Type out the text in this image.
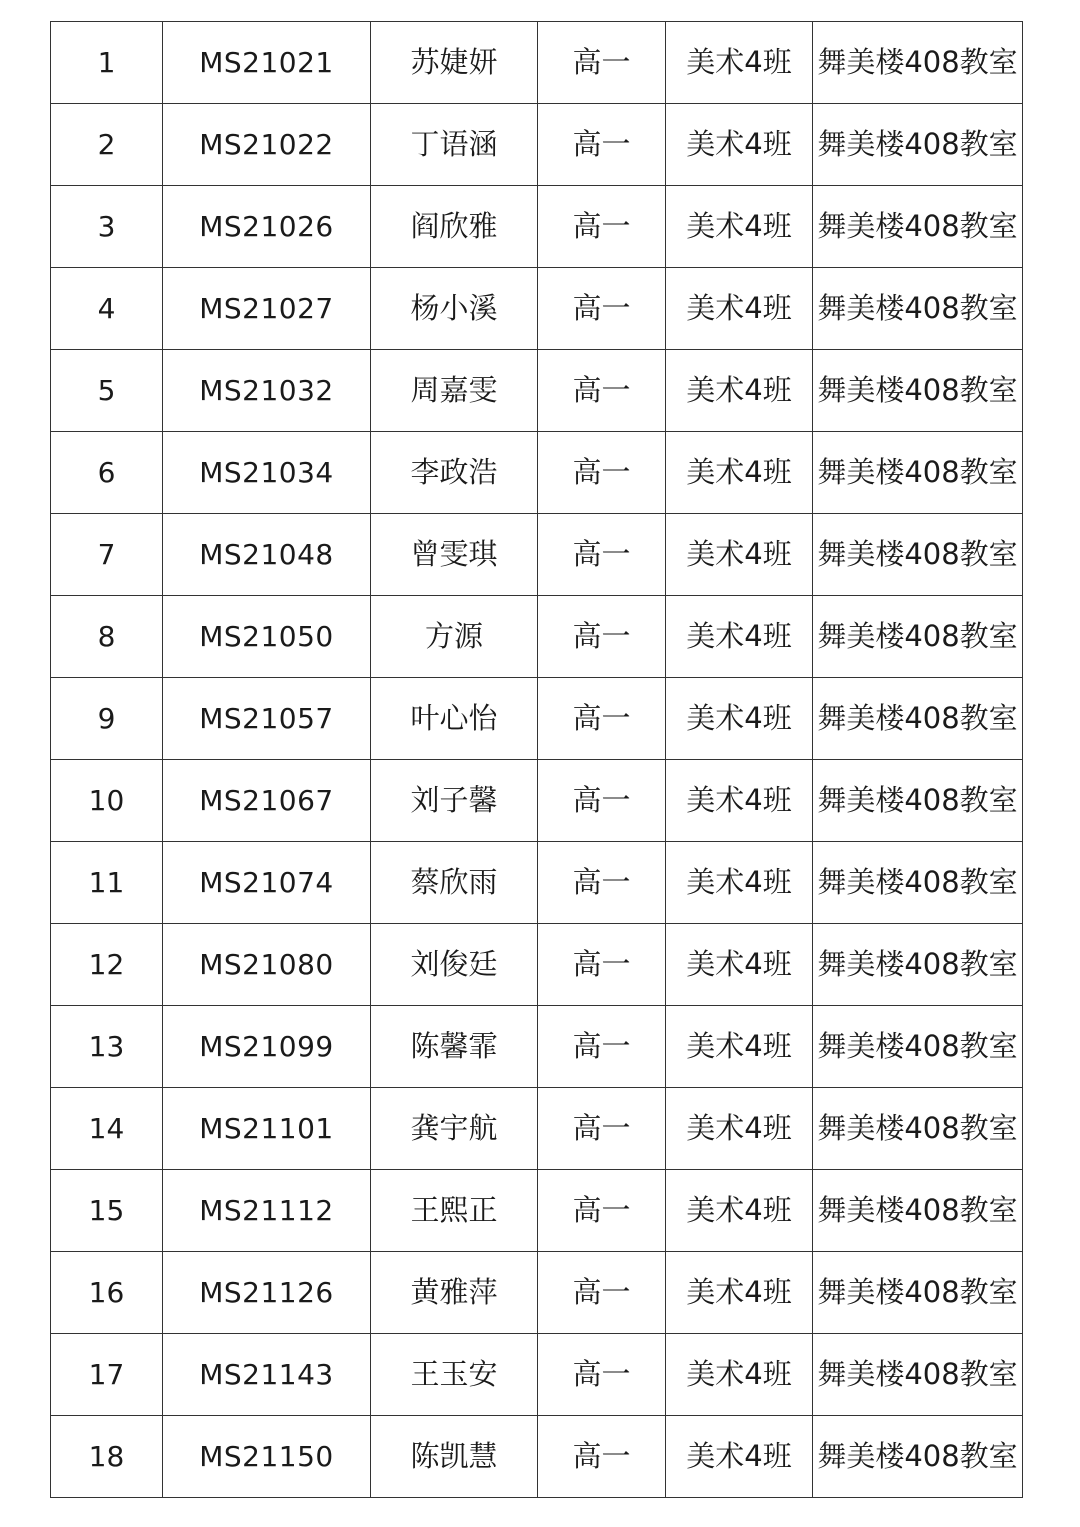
1	MS21021	苏婕妍	高一	美术4班	舞美楼408教室
2	MS21022	丁语涵	高一	美术4班	舞美楼408教室
3	MS21026	阎欣雅	高一	美术4班	舞美楼408教室
4	MS21027	杨小溪	高一	美术4班	舞美楼408教室
5	MS21032	周嘉雯	高一	美术4班	舞美楼408教室
6	MS21034	李政浩	高一	美术4班	舞美楼408教室
7	MS21048	曾雯琪	高一	美术4班	舞美楼408教室
8	MS21050	方源	高一	美术4班	舞美楼408教室
9	MS21057	叶心怡	高一	美术4班	舞美楼408教室
10	MS21067	刘子馨	高一	美术4班	舞美楼408教室
11	MS21074	蔡欣雨	高一	美术4班	舞美楼408教室
12	MS21080	刘俊廷	高一	美术4班	舞美楼408教室
13	MS21099	陈馨霏	高一	美术4班	舞美楼408教室
14	MS21101	龚宇航	高一	美术4班	舞美楼408教室
15	MS21112	王熙正	高一	美术4班	舞美楼408教室
16	MS21126	黄雅萍	高一	美术4班	舞美楼408教室
17	MS21143	王玉安	高一	美术4班	舞美楼408教室
18	MS21150	陈凯慧	高一	美术4班	舞美楼408教室
